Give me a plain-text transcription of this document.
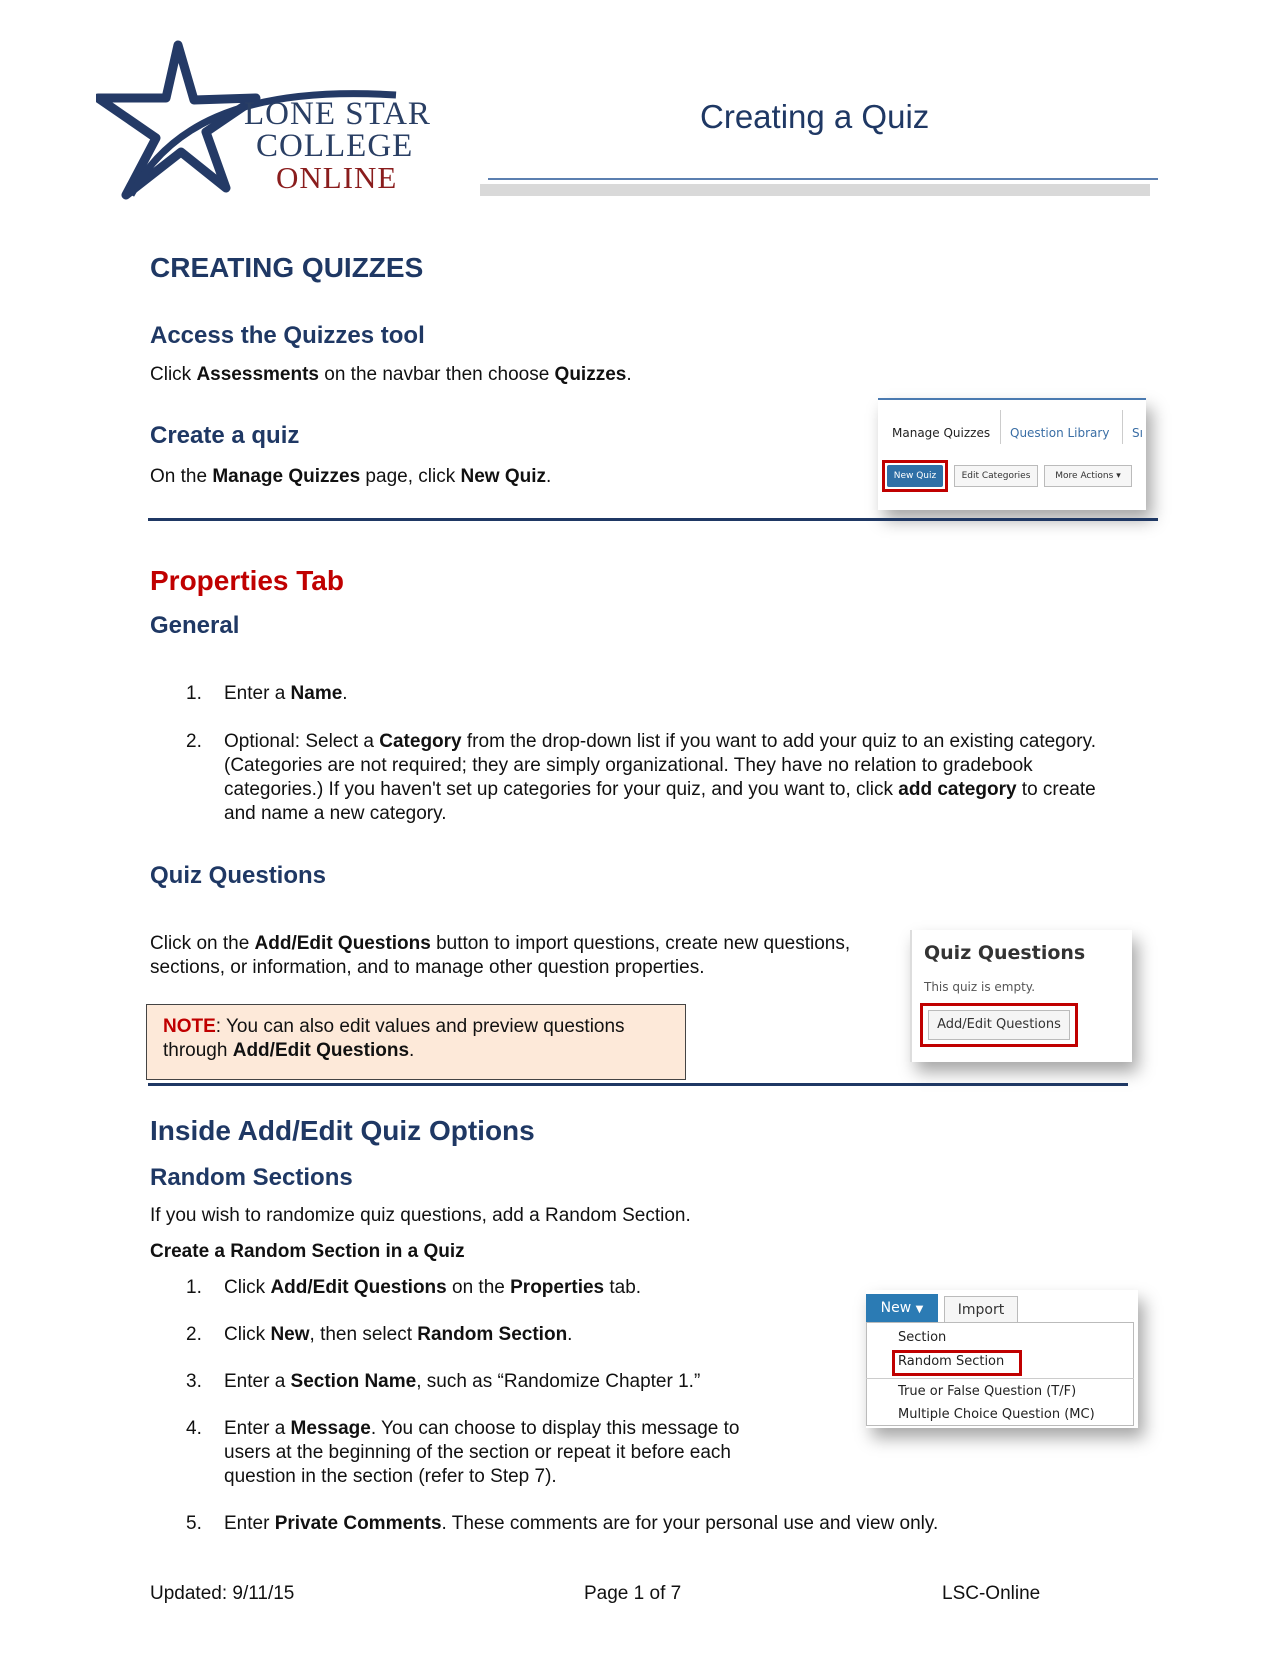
LONE STAR
COLLEGE
ONLINE
Creating a Quiz
CREATING QUIZZES
Access the Quizzes tool

Click Assessments on the navbar then choose Quizzes.

Create a quiz

On the Manage Quizzes page, click New Quiz.

Manage Quizzes Question Library Sı
New Quiz	Edit Categories	More Actions ▾
Properties Tab
General
1. Enter a Name.
2. Optional: Select a Category from the drop-down list if you want to add your quiz to an existing category. (Categories are not required; they are simply organizational. They have no relation to gradebook categories.) If you haven't set up categories for your quiz, and you want to, click add category to create and name a new category.
Quiz Questions

Click on the Add/Edit Questions button to import questions, create new questions, sections, or information, and to manage other question properties.

NOTE: You can also edit values and preview questions through Add/Edit Questions.
Quiz Questions
This quiz is empty.
Add/Edit Questions
Inside Add/Edit Quiz Options
Random Sections

If you wish to randomize quiz questions, add a Random Section.

Create a Random Section in a Quiz

1. Click Add/Edit Questions on the Properties tab.
2. Click New, then select Random Section.
3. Enter a Section Name, such as “Randomize Chapter 1.”
4. Enter a Message. You can choose to display this message to users at the beginning of the section or repeat it before each question in the section (refer to Step 7).
5. Enter Private Comments. These comments are for your personal use and view only.
New ▼	Import
Section
Random Section
True or False Question (T/F)
Multiple Choice Question (MC)
Updated: 9/11/15	Page 1 of 7	LSC-Online
